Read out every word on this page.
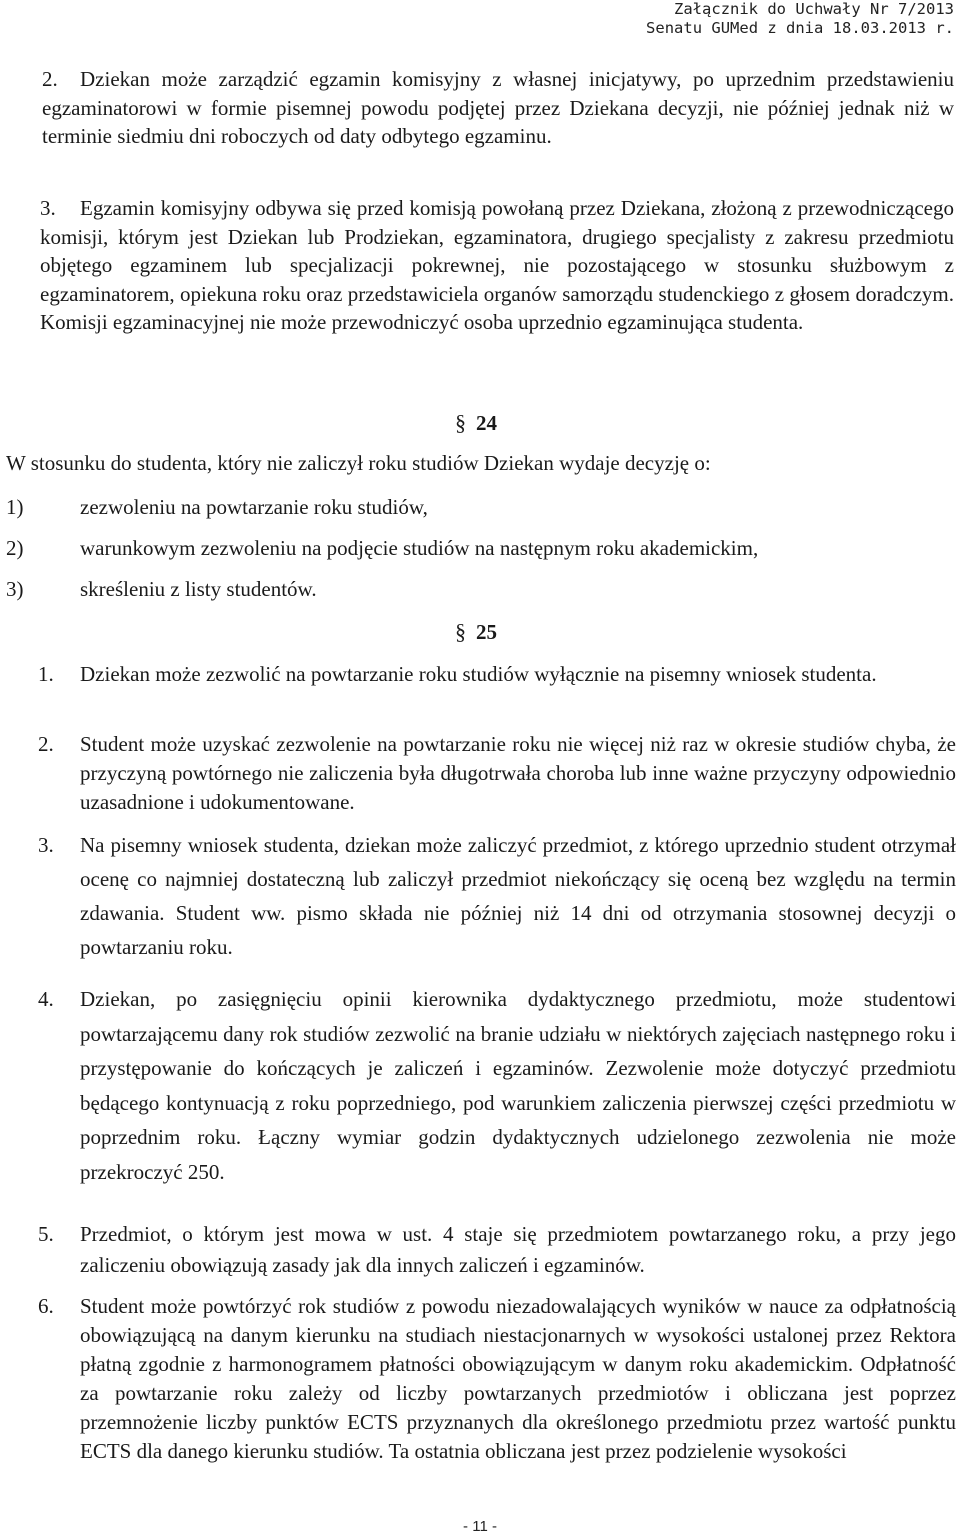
Załącznik do Uchwały Nr 7/2013
Senatu GUMed z dnia 18.03.2013 r.
2.	Dziekan może zarządzić egzamin komisyjny z własnej inicjatywy, po uprzednim przedstawieniu egzaminatorowi w formie pisemnej powodu podjętej przez Dziekana decyzji, nie później jednak niż w terminie siedmiu dni roboczych od daty odbytego egzaminu.
3.	Egzamin komisyjny odbywa się przed komisją powołaną przez Dziekana, złożoną z przewodniczącego komisji, którym jest Dziekan lub Prodziekan, egzaminatora, drugiego specjalisty z zakresu przedmiotu objętego egzaminem lub specjalizacji pokrewnej, nie pozostającego w stosunku służbowym z egzaminatorem, opiekuna roku oraz przedstawiciela organów samorządu studenckiego z głosem doradczym. Komisji egzaminacyjnej nie może przewodniczyć osoba uprzednio egzaminująca studenta.
§ 24
W stosunku do studenta, który nie zaliczył roku studiów Dziekan wydaje decyzję o:
1)	zezwoleniu na powtarzanie roku studiów,
2)	warunkowym zezwoleniu na podjęcie studiów na następnym roku akademickim,
3)	skreśleniu z listy studentów.
§ 25
1.	Dziekan może zezwolić na powtarzanie roku studiów wyłącznie na pisemny wniosek studenta.
2.	Student może uzyskać zezwolenie na powtarzanie roku nie więcej niż raz w okresie studiów chyba, że przyczyną powtórnego nie zaliczenia była długotrwała choroba lub inne ważne przyczyny odpowiednio uzasadnione i udokumentowane.
3.	Na pisemny wniosek studenta, dziekan może zaliczyć przedmiot, z którego uprzednio student otrzymał ocenę co najmniej dostateczną lub zaliczył przedmiot niekończący się oceną bez względu na termin zdawania. Student ww. pismo składa nie później niż 14 dni od otrzymania stosownej decyzji o powtarzaniu roku.
4.	Dziekan, po zasięgnięciu opinii kierownika dydaktycznego przedmiotu, może studentowi powtarzającemu dany rok studiów zezwolić na branie udziału w niektórych zajęciach następnego roku i przystępowanie do kończących je zaliczeń i egzaminów. Zezwolenie może dotyczyć przedmiotu będącego kontynuacją z roku poprzedniego, pod warunkiem zaliczenia pierwszej części przedmiotu w poprzednim roku. Łączny wymiar godzin dydaktycznych udzielonego zezwolenia nie może przekroczyć 250.
5.	Przedmiot, o którym jest mowa w ust. 4 staje się przedmiotem powtarzanego roku, a przy jego zaliczeniu obowiązują zasady jak dla innych zaliczeń i egzaminów.
6.	Student może powtórzyć rok studiów z powodu niezadowalających wyników w nauce za odpłatnością obowiązującą na danym kierunku na studiach niestacjonarnych w wysokości ustalonej przez Rektora płatną zgodnie z harmonogramem płatności obowiązującym w danym roku akademickim. Odpłatność za powtarzanie roku zależy od liczby powtarzanych przedmiotów i obliczana jest poprzez przemnożenie liczby punktów ECTS przyznanych dla określonego przedmiotu przez wartość punktu ECTS dla danego kierunku studiów. Ta ostatnia obliczana jest przez podzielenie wysokości
- 11 -
